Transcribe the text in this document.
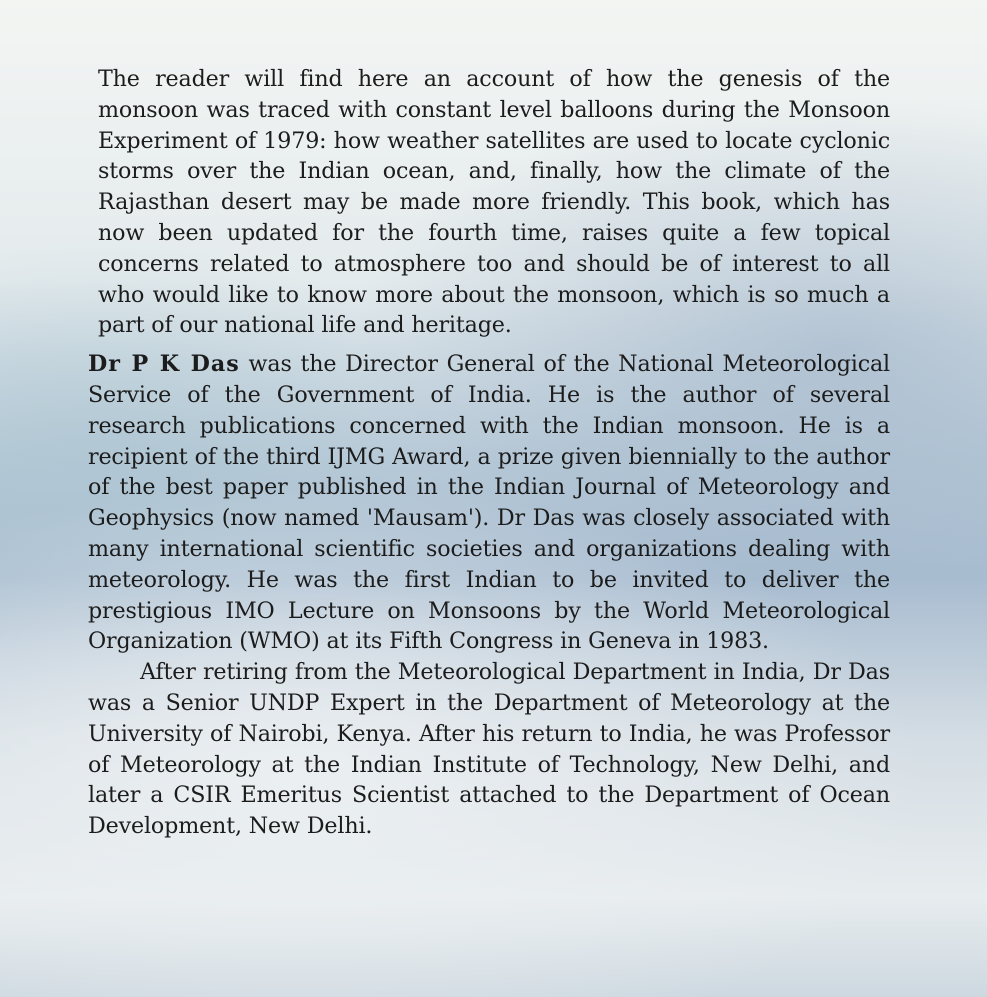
The reader will find here an account of how the genesis of the monsoon was traced with constant level balloons during the Monsoon Experiment of 1979: how weather satellites are used to locate cyclonic storms over the Indian ocean, and, finally, how the climate of the Rajasthan desert may be made more friendly. This book, which has now been updated for the fourth time, raises quite a few topical concerns related to atmosphere too and should be of interest to all who would like to know more about the monsoon, which is so much a part of our national life and heritage.

Dr P K Das was the Director General of the National Meteorological Service of the Government of India. He is the author of several research publications concerned with the Indian monsoon. He is a recipient of the third IJMG Award, a prize given biennially to the author of the best paper published in the Indian Journal of Meteorology and Geophysics (now named 'Mausam'). Dr Das was closely associated with many international scientific societies and organizations dealing with meteorology. He was the first Indian to be invited to deliver the prestigious IMO Lecture on Monsoons by the World Meteorological Organization (WMO) at its Fifth Congress in Geneva in 1983.

After retiring from the Meteorological Department in India, Dr Das was a Senior UNDP Expert in the Department of Meteorology at the University of Nairobi, Kenya. After his return to India, he was Professor of Meteorology at the Indian Institute of Technology, New Delhi, and later a CSIR Emeritus Scientist attached to the Department of Ocean Development, New Delhi.
